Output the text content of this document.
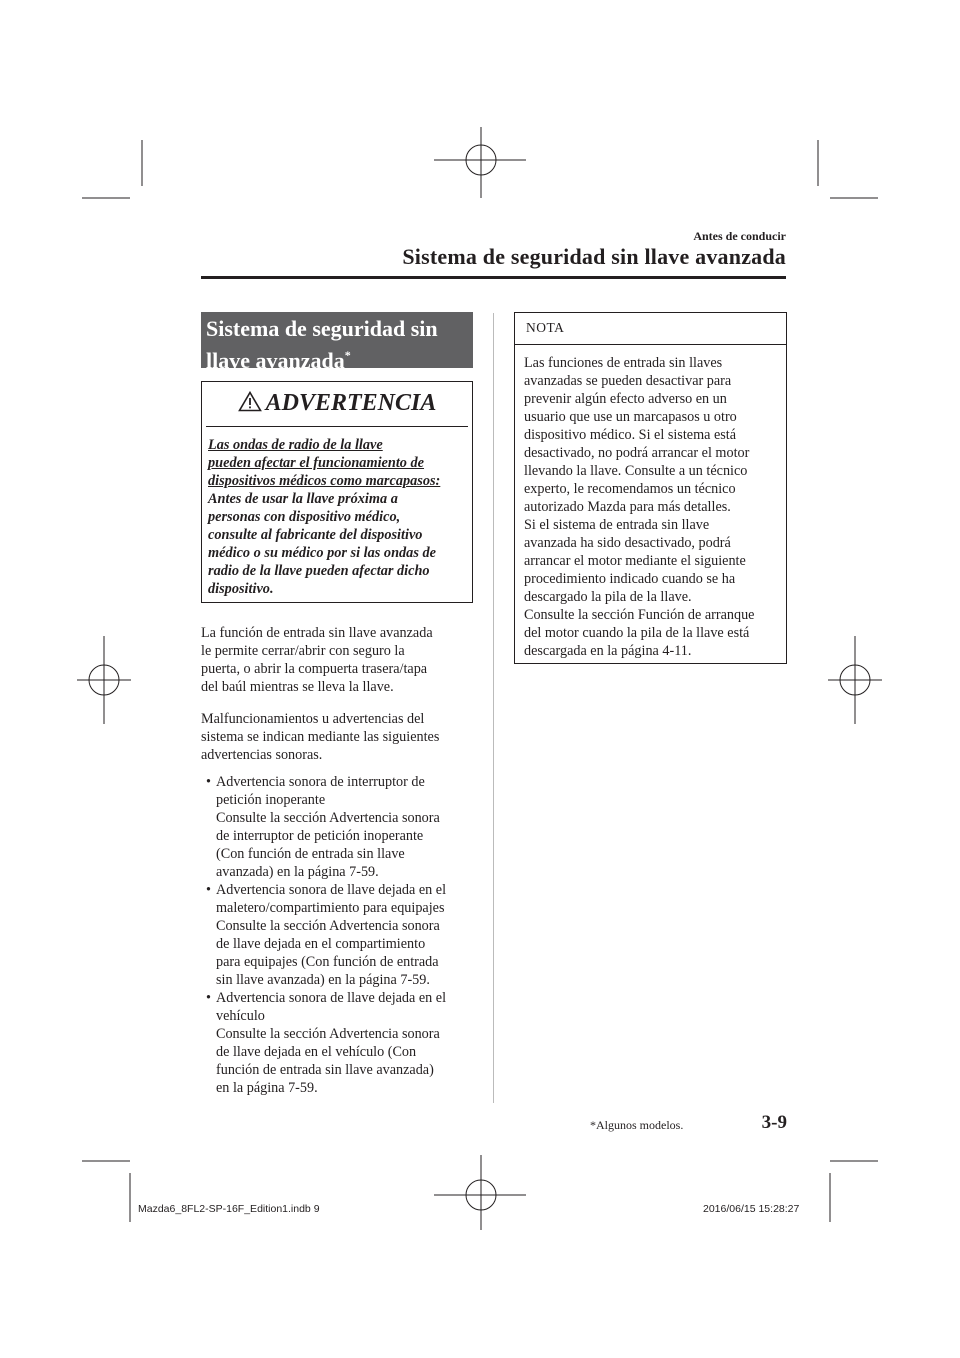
Antes de conducir
Sistema de seguridad sin llave avanzada
Sistema de seguridad sin
llave avanzada*
ADVERTENCIA
Las ondas de radio de la llave
pueden afectar el funcionamiento de
dispositivos médicos como marcapasos:
Antes de usar la llave próxima a
personas con dispositivo médico,
consulte al fabricante del dispositivo
médico o su médico por si las ondas de
radio de la llave pueden afectar dicho
dispositivo.
La función de entrada sin llave avanzada
le permite cerrar/abrir con seguro la
puerta, o abrir la compuerta trasera/tapa
del baúl mientras se lleva la llave.
Malfuncionamientos u advertencias del
sistema se indican mediante las siguientes
advertencias sonoras.
• Advertencia sonora de interruptor de
petición inoperante
Consulte la sección Advertencia sonora
de interruptor de petición inoperante
(Con función de entrada sin llave
avanzada) en la página 7-59.
• Advertencia sonora de llave dejada en el
maletero/compartimiento para equipajes
Consulte la sección Advertencia sonora
de llave dejada en el compartimiento
para equipajes (Con función de entrada
sin llave avanzada) en la página 7-59.
• Advertencia sonora de llave dejada en el
vehículo
Consulte la sección Advertencia sonora
de llave dejada en el vehículo (Con
función de entrada sin llave avanzada)
en la página 7-59.
NOTA
Las funciones de entrada sin llaves
avanzadas se pueden desactivar para
prevenir algún efecto adverso en un
usuario que use un marcapasos u otro
dispositivo médico. Si el sistema está
desactivado, no podrá arrancar el motor
llevando la llave. Consulte a un técnico
experto, le recomendamos un técnico
autorizado Mazda para más detalles.
Si el sistema de entrada sin llave
avanzada ha sido desactivado, podrá
arrancar el motor mediante el siguiente
procedimiento indicado cuando se ha
descargado la pila de la llave.
Consulte la sección Función de arranque
del motor cuando la pila de la llave está
descargada en la página 4-11.
*Algunos modelos.	3-9
Mazda6_8FL2-SP-16F_Edition1.indb 9	2016/06/15 15:28:27
